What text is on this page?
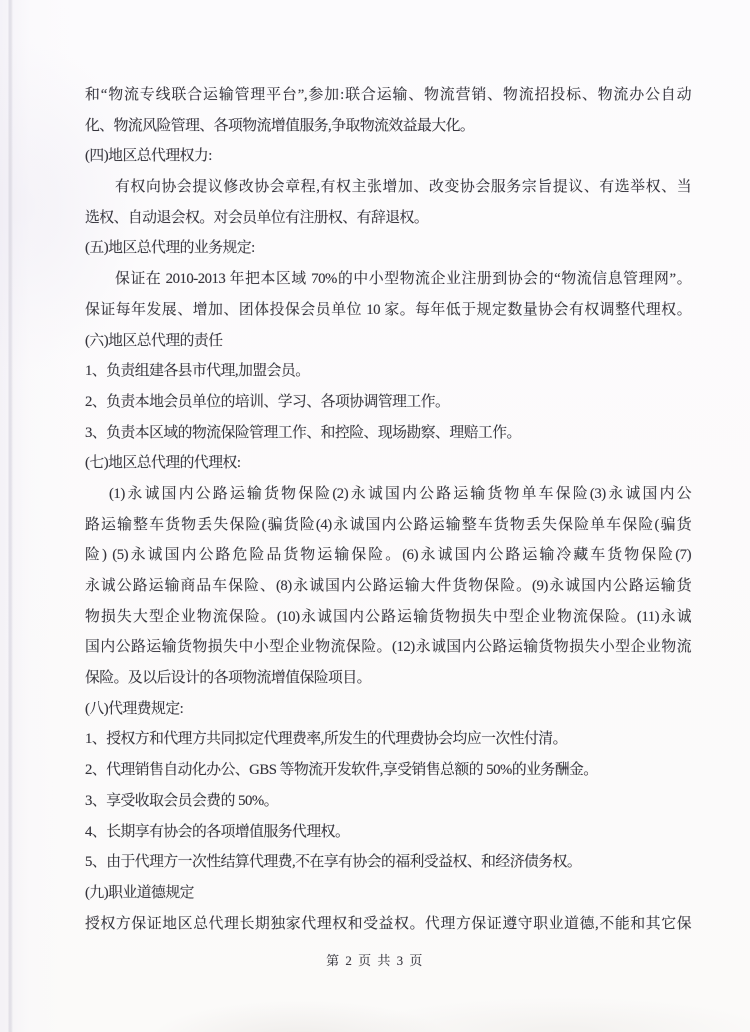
和“物流专线联合运输管理平台”,参加:联合运输、物流营销、物流招投标、物流办公自动
化、物流风险管理、各项物流增值服务,争取物流效益最大化。
(四)地区总代理权力:
有权向协会提议修改协会章程,有权主张增加、改变协会服务宗旨提议、有选举权、当
选权、自动退会权。对会员单位有注册权、有辞退权。
(五)地区总代理的业务规定:
保证在 2010-2013 年把本区域 70%的中小型物流企业注册到协会的“物流信息管理网”。
保证每年发展、增加、团体投保会员单位 10 家。每年低于规定数量协会有权调整代理权。
(六)地区总代理的责任
1、负责组建各县市代理,加盟会员。
2、负责本地会员单位的培训、学习、各项协调管理工作。
3、负责本区域的物流保险管理工作、和控险、现场勘察、理赔工作。
(七)地区总代理的代理权:
(1)永诚国内公路运输货物保险(2)永诚国内公路运输货物单车保险(3)永诚国内公
路运输整车货物丢失保险(骗货险(4)永诚国内公路运输整车货物丢失保险单车保险(骗货
险) (5)永诚国内公路危险品货物运输保险。(6)永诚国内公路运输冷藏车货物保险(7)
永诚公路运输商品车保险、(8)永诚国内公路运输大件货物保险。(9)永诚国内公路运输货
物损失大型企业物流保险。(10)永诚国内公路运输货物损失中型企业物流保险。(11)永诚
国内公路运输货物损失中小型企业物流保险。(12)永诚国内公路运输货物损失小型企业物流
保险。及以后设计的各项物流增值保险项目。
(八)代理费规定:
1、授权方和代理方共同拟定代理费率,所发生的代理费协会均应一次性付清。
2、代理销售自动化办公、GBS 等物流开发软件,享受销售总额的 50%的业务酬金。
3、享受收取会员会费的 50%。
4、长期享有协会的各项增值服务代理权。
5、由于代理方一次性结算代理费,不在享有协会的福利受益权、和经济债务权。
(九)职业道德规定
授权方保证地区总代理长期独家代理权和受益权。代理方保证遵守职业道德,不能和其它保
第 2 页 共 3 页
